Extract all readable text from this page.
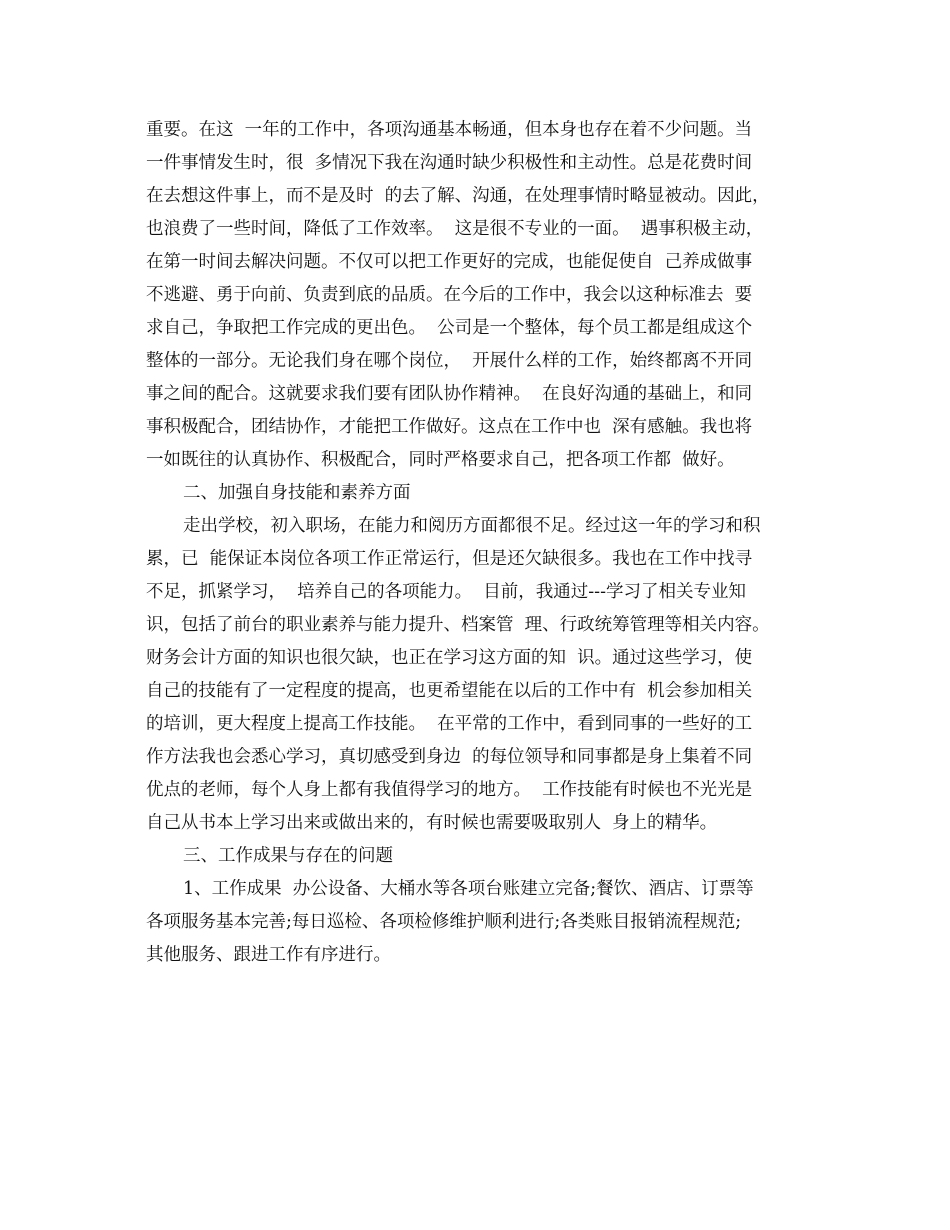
重要。在这  一年的工作中，各项沟通基本畅通，但本身也存在着不少问题。当
一件事情发生时，很  多情况下我在沟通时缺少积极性和主动性。总是花费时间
在去想这件事上，而不是及时  的去了解、沟通，在处理事情时略显被动。因此，
也浪费了一些时间，降低了工作效率。  这是很不专业的一面。  遇事积极主动，
在第一时间去解决问题。不仅可以把工作更好的完成，也能促使自  己养成做事
不逃避、勇于向前、负责到底的品质。在今后的工作中，我会以这种标准去  要
求自己，争取把工作完成的更出色。  公司是一个整体，每个员工都是组成这个
整体的一部分。无论我们身在哪个岗位，  开展什么样的工作，始终都离不开同
事之间的配合。这就要求我们要有团队协作精神。  在良好沟通的基础上，和同
事积极配合，团结协作，才能把工作做好。这点在工作中也  深有感触。我也将
一如既往的认真协作、积极配合，同时严格要求自己，把各项工作都  做好。
二、加强自身技能和素养方面
走出学校，初入职场，在能力和阅历方面都很不足。经过这一年的学习和积
累，已  能保证本岗位各项工作正常运行，但是还欠缺很多。我也在工作中找寻
不足，抓紧学习，  培养自己的各项能力。  目前，我通过---学习了相关专业知
识，包括了前台的职业素养与能力提升、档案管  理、行政统筹管理等相关内容。
财务会计方面的知识也很欠缺，也正在学习这方面的知  识。通过这些学习，使
自己的技能有了一定程度的提高，也更希望能在以后的工作中有  机会参加相关
的培训，更大程度上提高工作技能。  在平常的工作中，看到同事的一些好的工
作方法我也会悉心学习，真切感受到身边  的每位领导和同事都是身上集着不同
优点的老师，每个人身上都有我值得学习的地方。  工作技能有时候也不光光是
自己从书本上学习出来或做出来的，有时候也需要吸取别人  身上的精华。
三、工作成果与存在的问题
1、工作成果  办公设备、大桶水等各项台账建立完备;餐饮、酒店、订票等
各项服务基本完善;每日巡检、各项检修维护顺利进行;各类账目报销流程规范;
其他服务、跟进工作有序进行。
